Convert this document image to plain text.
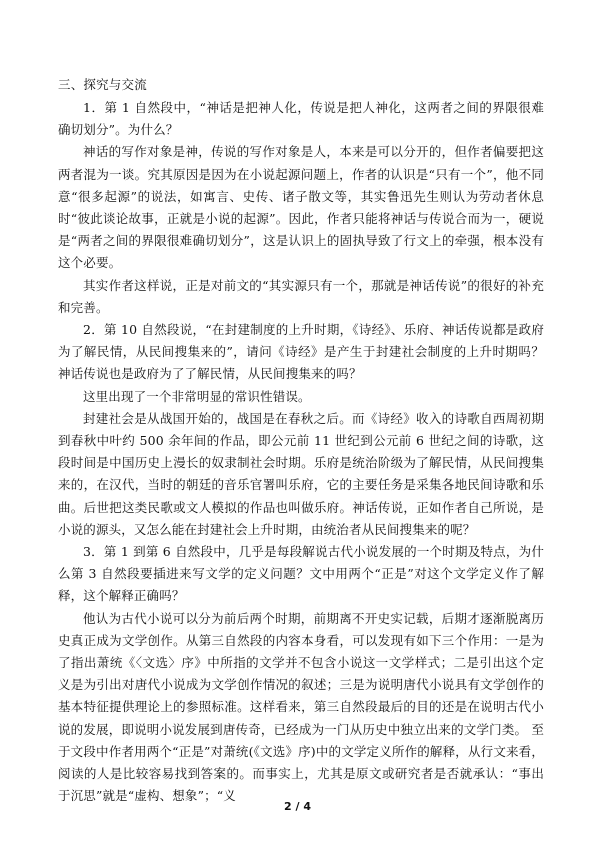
三、探究与交流

1．第 1 自然段中，“神话是把神人化，传说是把人神化，这两者之间的界限很难确切划分”。为什么？

神话的写作对象是神，传说的写作对象是人，本来是可以分开的，但作者偏要把这两者混为一谈。究其原因是因为在小说起源问题上，作者的认识是“只有一个”，他不同意“很多起源”的说法，如寓言、史传、诸子散文等，其实鲁迅先生则认为劳动者休息时“彼此谈论故事，正就是小说的起源”。因此，作者只能将神话与传说合而为一，硬说是“两者之间的界限很难确切划分”，这是认识上的固执导致了行文上的牵强，根本没有这个必要。

其实作者这样说，正是对前文的“其实源只有一个，那就是神话传说”的很好的补充和完善。

2．第 10 自然段说，“在封建制度的上升时期，《诗经》、乐府、神话传说都是政府为了解民情，从民间搜集来的”，请问《诗经》是产生于封建社会制度的上升时期吗？神话传说也是政府为了了解民情，从民间搜集来的吗？

这里出现了一个非常明显的常识性错误。

封建社会是从战国开始的，战国是在春秋之后。而《诗经》收入的诗歌自西周初期到春秋中叶约 500 余年间的作品，即公元前 11 世纪到公元前 6 世纪之间的诗歌，这段时间是中国历史上漫长的奴隶制社会时期。乐府是统治阶级为了解民情，从民间搜集来的，在汉代，当时的朝廷的音乐官署叫乐府，它的主要任务是采集各地民间诗歌和乐曲。后世把这类民歌或文人模拟的作品也叫做乐府。神话传说，正如作者自己所说，是小说的源头，又怎么能在封建社会上升时期，由统治者从民间搜集来的呢？

3．第 1 到第 6 自然段中，几乎是每段解说古代小说发展的一个时期及特点，为什么第 3 自然段要插进来写文学的定义问题？文中用两个“正是”对这个文学定义作了解释，这个解释正确吗？

他认为古代小说可以分为前后两个时期，前期离不开史实记载，后期才逐渐脱离历史真正成为文学创作。从第三自然段的内容本身看，可以发现有如下三个作用：一是为了指出萧统《〈文选〉序》中所指的文学并不包含小说这一文学样式；二是引出这个定义是为引出对唐代小说成为文学创作情况的叙述；三是为说明唐代小说具有文学创作的基本特征提供理论上的参照标准。这样看来，第三自然段最后的目的还是在说明古代小说的发展，即说明小说发展到唐传奇，已经成为一门从历史中独立出来的文学门类。 至于文段中作者用两个“正是”对萧统(《文选》序)中的文学定义所作的解释，从行文来看，阅读的人是比较容易找到答案的。而事实上，尤其是原文或研究者是否就承认：“事出于沉思”就是“虚构、想象”；“义

2 / 4
